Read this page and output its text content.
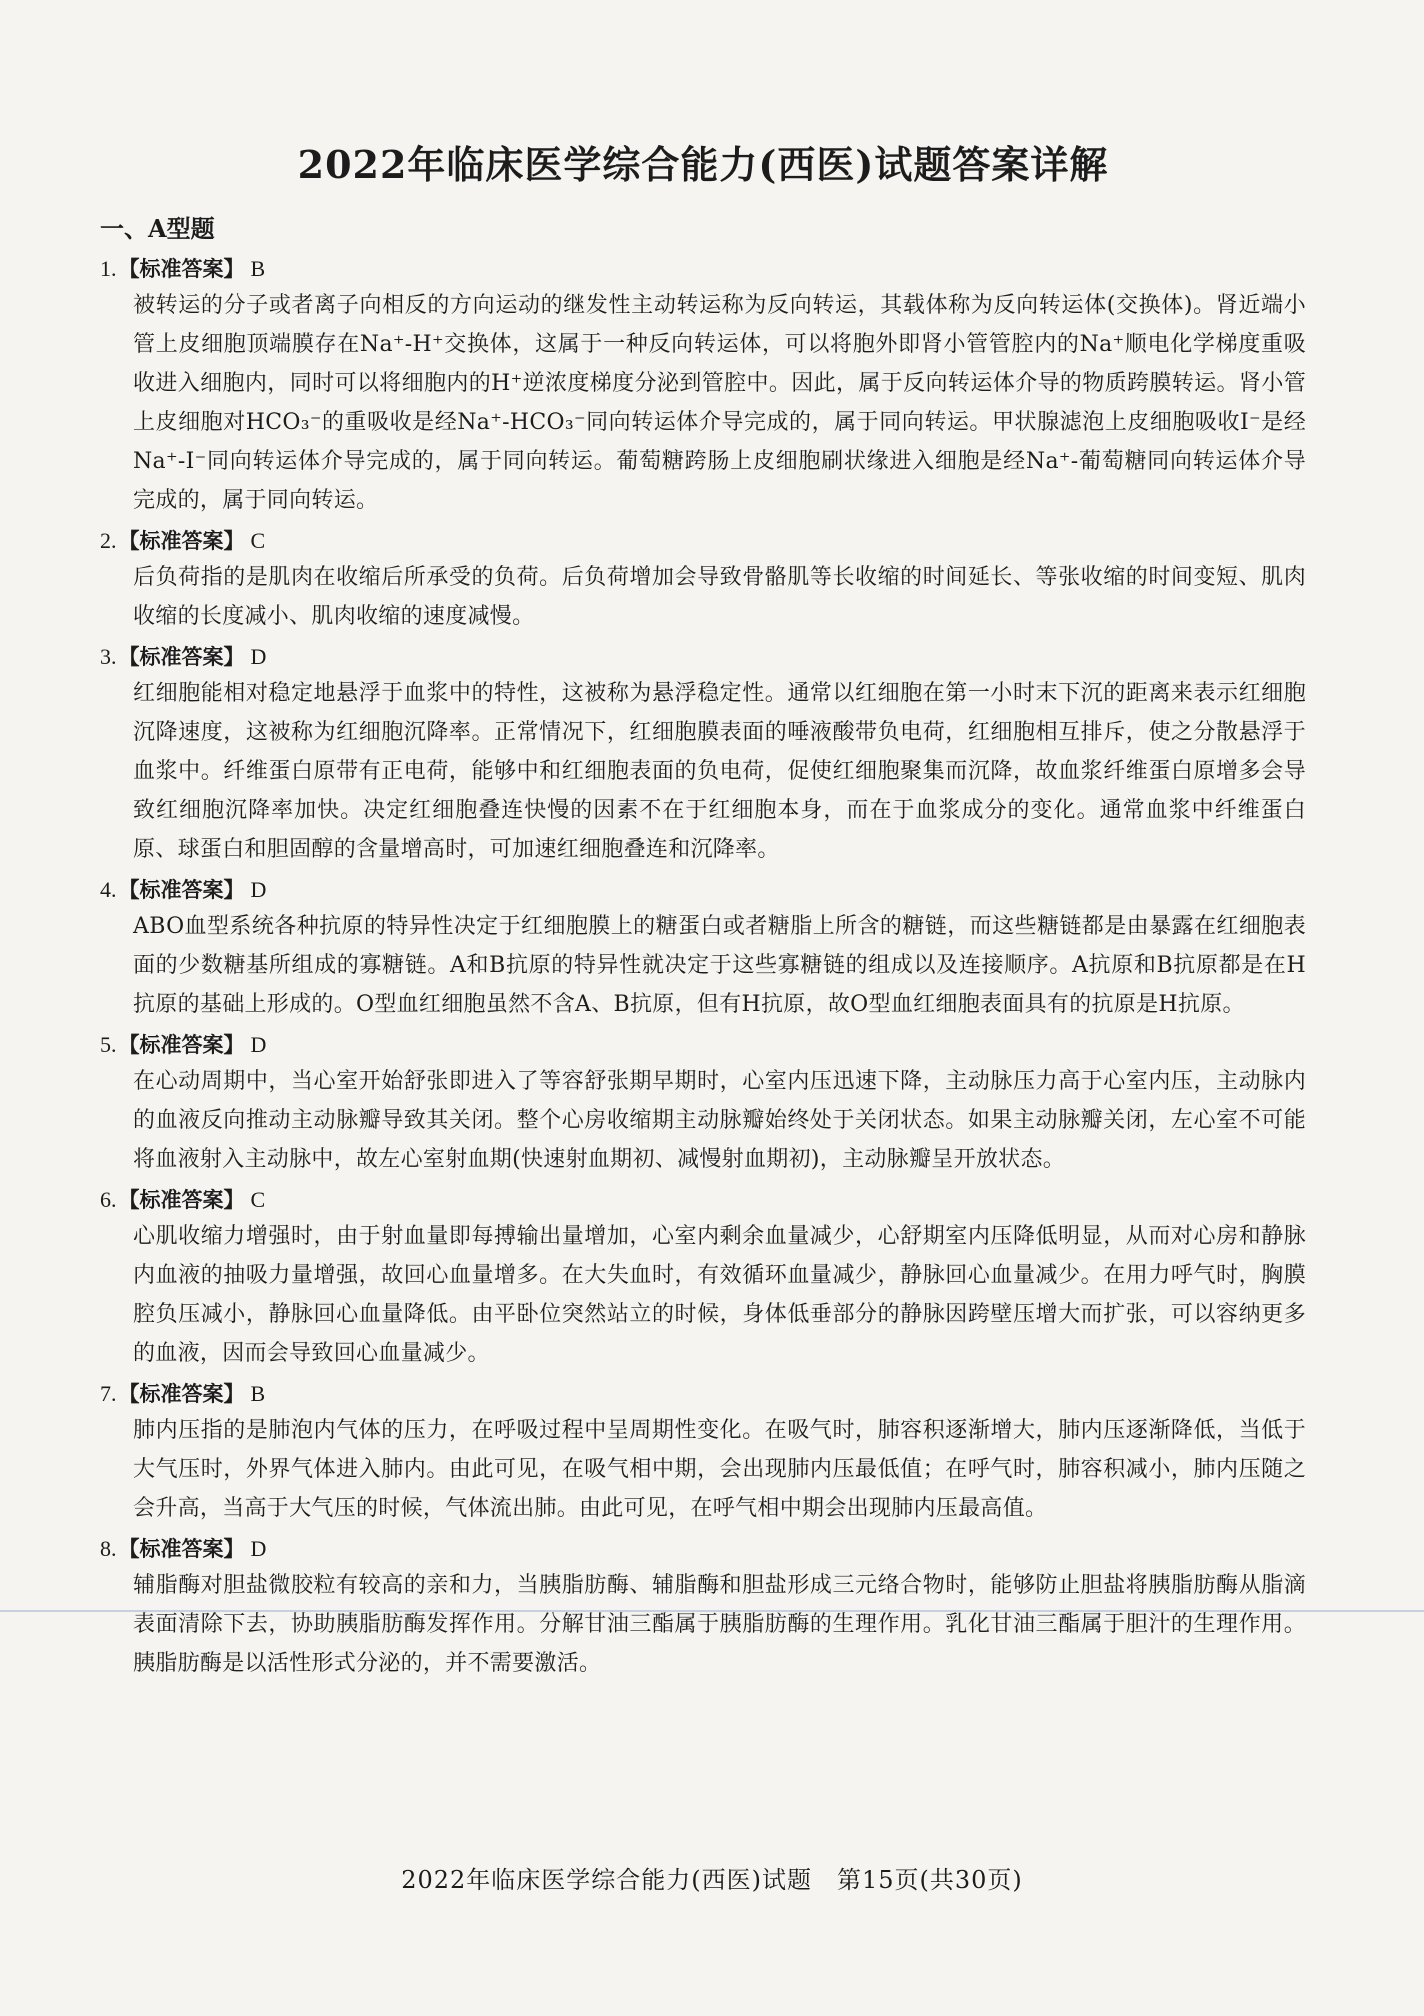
2022年临床医学综合能力(西医)试题答案详解
一、A型题
1. 【标准答案】 B
被转运的分子或者离子向相反的方向运动的继发性主动转运称为反向转运，其载体称为反向转运体(交换体)。肾近端小管上皮细胞顶端膜存在Na⁺-H⁺交换体，这属于一种反向转运体，可以将胞外即肾小管管腔内的Na⁺顺电化学梯度重吸收进入细胞内，同时可以将细胞内的H⁺逆浓度梯度分泌到管腔中。因此，属于反向转运体介导的物质跨膜转运。肾小管上皮细胞对HCO₃⁻的重吸收是经Na⁺-HCO₃⁻同向转运体介导完成的，属于同向转运。甲状腺滤泡上皮细胞吸收I⁻是经Na⁺-I⁻同向转运体介导完成的，属于同向转运。葡萄糖跨肠上皮细胞刷状缘进入细胞是经Na⁺-葡萄糖同向转运体介导完成的，属于同向转运。
2. 【标准答案】 C
后负荷指的是肌肉在收缩后所承受的负荷。后负荷增加会导致骨骼肌等长收缩的时间延长、等张收缩的时间变短、肌肉收缩的长度减小、肌肉收缩的速度减慢。
3. 【标准答案】 D
红细胞能相对稳定地悬浮于血浆中的特性，这被称为悬浮稳定性。通常以红细胞在第一小时末下沉的距离来表示红细胞沉降速度，这被称为红细胞沉降率。正常情况下，红细胞膜表面的唾液酸带负电荷，红细胞相互排斥，使之分散悬浮于血浆中。纤维蛋白原带有正电荷，能够中和红细胞表面的负电荷，促使红细胞聚集而沉降，故血浆纤维蛋白原增多会导致红细胞沉降率加快。决定红细胞叠连快慢的因素不在于红细胞本身，而在于血浆成分的变化。通常血浆中纤维蛋白原、球蛋白和胆固醇的含量增高时，可加速红细胞叠连和沉降率。
4. 【标准答案】 D
ABO血型系统各种抗原的特异性决定于红细胞膜上的糖蛋白或者糖脂上所含的糖链，而这些糖链都是由暴露在红细胞表面的少数糖基所组成的寡糖链。A和B抗原的特异性就决定于这些寡糖链的组成以及连接顺序。A抗原和B抗原都是在H抗原的基础上形成的。O型血红细胞虽然不含A、B抗原，但有H抗原，故O型血红细胞表面具有的抗原是H抗原。
5. 【标准答案】 D
在心动周期中，当心室开始舒张即进入了等容舒张期早期时，心室内压迅速下降，主动脉压力高于心室内压，主动脉内的血液反向推动主动脉瓣导致其关闭。整个心房收缩期主动脉瓣始终处于关闭状态。如果主动脉瓣关闭，左心室不可能将血液射入主动脉中，故左心室射血期(快速射血期初、减慢射血期初)，主动脉瓣呈开放状态。
6. 【标准答案】 C
心肌收缩力增强时，由于射血量即每搏输出量增加，心室内剩余血量减少，心舒期室内压降低明显，从而对心房和静脉内血液的抽吸力量增强，故回心血量增多。在大失血时，有效循环血量减少，静脉回心血量减少。在用力呼气时，胸膜腔负压减小，静脉回心血量降低。由平卧位突然站立的时候，身体低垂部分的静脉因跨壁压增大而扩张，可以容纳更多的血液，因而会导致回心血量减少。
7. 【标准答案】 B
肺内压指的是肺泡内气体的压力，在呼吸过程中呈周期性变化。在吸气时，肺容积逐渐增大，肺内压逐渐降低，当低于大气压时，外界气体进入肺内。由此可见，在吸气相中期，会出现肺内压最低值；在呼气时，肺容积减小，肺内压随之会升高，当高于大气压的时候，气体流出肺。由此可见，在呼气相中期会出现肺内压最高值。
8. 【标准答案】 D
辅脂酶对胆盐微胶粒有较高的亲和力，当胰脂肪酶、辅脂酶和胆盐形成三元络合物时，能够防止胆盐将胰脂肪酶从脂滴表面清除下去，协助胰脂肪酶发挥作用。分解甘油三酯属于胰脂肪酶的生理作用。乳化甘油三酯属于胆汁的生理作用。胰脂肪酶是以活性形式分泌的，并不需要激活。
2022年临床医学综合能力(西医)试题　第15页(共30页)
